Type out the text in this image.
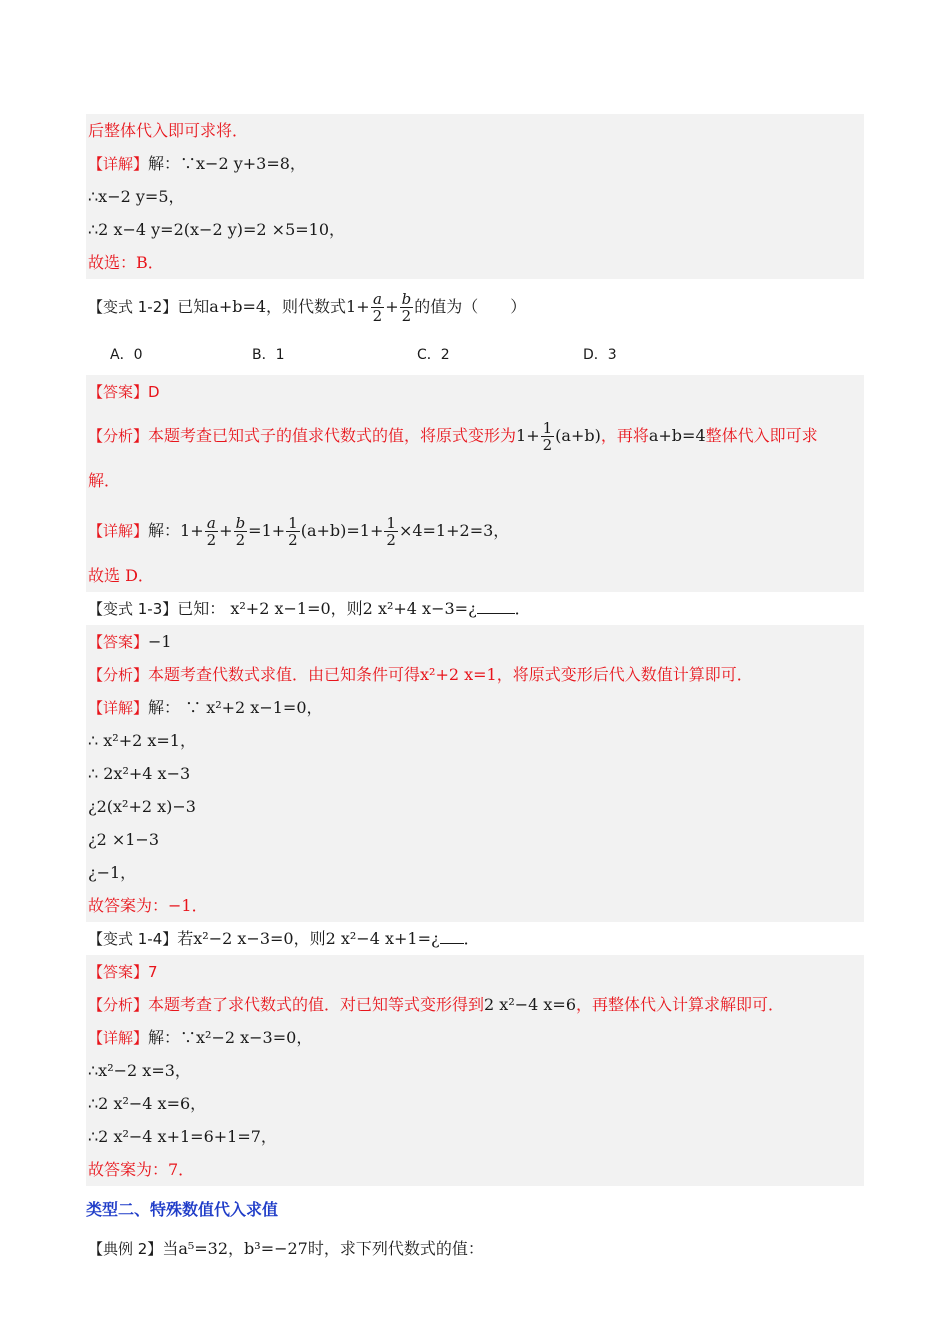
后整体代入即可求将．
【详解】解：∵x−2 y+3=8，
∴x−2 y=5，
∴2 x−4 y=2(x−2 y)=2 ×5=10，
故选：B．
【变式 1-2】已知a+b=4，则代数式$1+ \frac{a}{2} + \frac{b}{2}$ 的值为（　　）
A．0	B．1	C．2	D．3
【答案】D
【分析】本题考查已知式子的值求代数式的值，将原式变形为$1+ \frac{1}{2} (a+b)$，再将a+b=4整体代入即可求
解．
【详解】解：$1+ \frac{a}{2} + \frac{b}{2} =1+ \frac{1}{2} (a+b)=1+ \frac{1}{2} \times 4=1+2=3$，
故选 D．
【变式 1-3】已知： x²+2 x−1=0，则2 x²+4 x−3=¿ ．
【答案】−1
【分析】本题考查代数式求值．由已知条件可得x²+2 x=1，将原式变形后代入数值计算即可．
【详解】解： ∵ x²+2 x−1=0，
∴ x²+2 x=1，
∴ 2x²+4 x−3
¿2(x²+2 x)−3
¿2 ×1−3
¿−1，
故答案为：−1．
【变式 1-4】若x²−2 x−3=0，则2 x²−4 x+1=¿ ．
【答案】7
【分析】本题考查了求代数式的值．对已知等式变形得到2 x²−4 x=6，再整体代入计算求解即可．
【详解】解：∵x²−2 x−3=0，
∴x²−2 x=3，
∴2 x²−4 x=6，
∴2 x²−4 x+1=6+1=7，
故答案为：7．
类型二、特殊数值代入求值
【典例 2】当a⁵=32，b³=−27时，求下列代数式的值：
